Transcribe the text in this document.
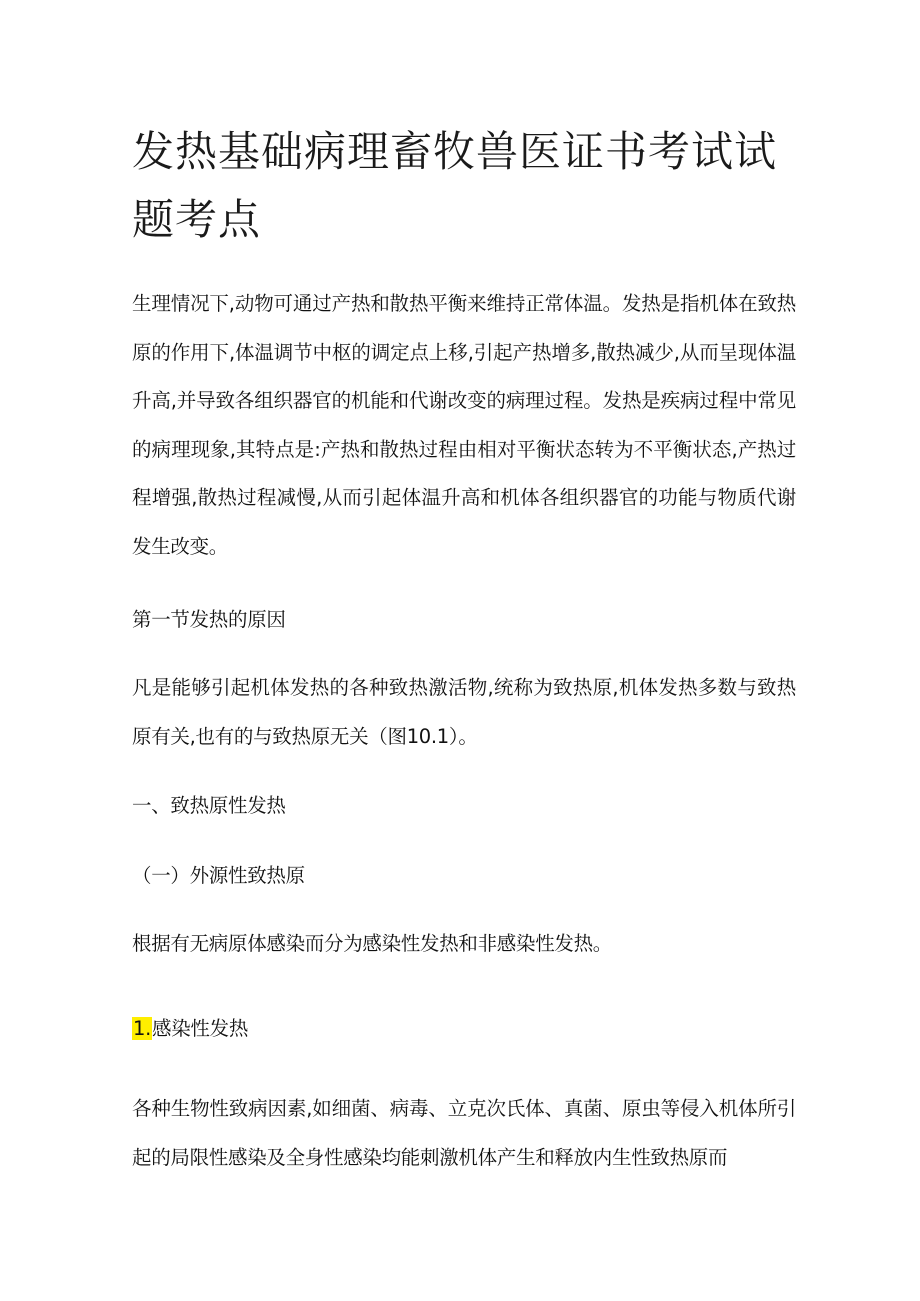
发热基础病理畜牧兽医证书考试试题考点

生理情况下,动物可通过产热和散热平衡来维持正常体温。发热是指机体在致热原的作用下,体温调节中枢的调定点上移,引起产热增多,散热减少,从而呈现体温升高,并导致各组织器官的机能和代谢改变的病理过程。发热是疾病过程中常见的病理现象,其特点是:产热和散热过程由相对平衡状态转为不平衡状态,产热过程增强,散热过程减慢,从而引起体温升高和机体各组织器官的功能与物质代谢发生改变。

第一节发热的原因

凡是能够引起机体发热的各种致热激活物,统称为致热原,机体发热多数与致热原有关,也有的与致热原无关（图10.1）。

一、致热原性发热

（一）外源性致热原

根据有无病原体感染而分为感染性发热和非感染性发热。

1.感染性发热

各种生物性致病因素,如细菌、病毒、立克次氏体、真菌、原虫等侵入机体所引起的局限性感染及全身性感染均能刺激机体产生和释放内生性致热原而
